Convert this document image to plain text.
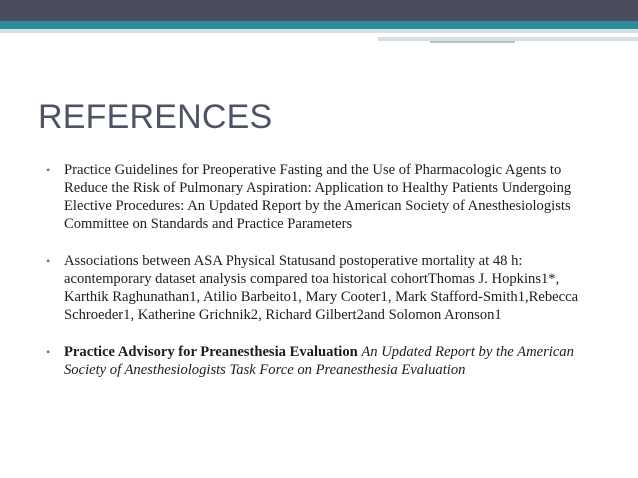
REFERENCES
• Practice Guidelines for Preoperative Fasting and the Use of Pharmacologic Agents to Reduce the Risk of Pulmonary Aspiration: Application to Healthy Patients Undergoing Elective Procedures: An Updated Report by the American Society of Anesthesiologists Committee on Standards and Practice Parameters
• Associations between ASA Physical Statusand postoperative mortality at 48 h: acontemporary dataset analysis compared toa historical cohortThomas J. Hopkins1*, Karthik Raghunathan1, Atilio Barbeito1, Mary Cooter1, Mark Stafford-Smith1,Rebecca Schroeder1, Katherine Grichnik2, Richard Gilbert2and Solomon Aronson1
• Practice Advisory for Preanesthesia Evaluation An Updated Report by the American Society of Anesthesiologists Task Force on Preanesthesia Evaluation
